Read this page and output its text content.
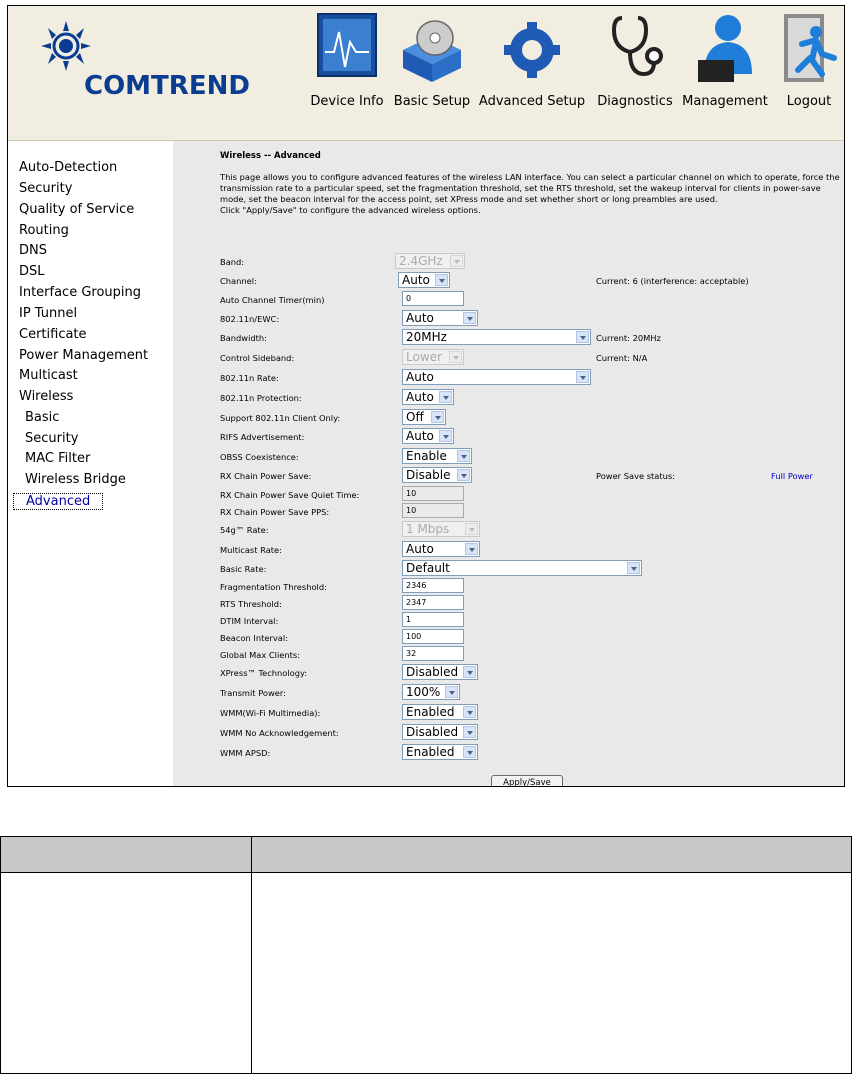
COMTREND
Device Info Basic Setup Advanced Setup Diagnostics Management	Logout
Auto-Detection
Security
Quality of Service
Routing
DNS
DSL
Interface Grouping
IP Tunnel
Certificate
Power Management
Multicast
Wireless
Basic
Security
MAC Filter
Wireless Bridge
Advanced
Wireless -- Advanced
This page allows you to configure advanced features of the wireless LAN interface. You can select a particular channel on which to operate, force the transmission rate to a particular speed, set the fragmentation threshold, set the RTS threshold, set the wakeup interval for clients in power-save mode, set the beacon interval for the access point, set XPress mode and set whether short or long preambles are used.
Click "Apply/Save" to configure the advanced wireless options.
Band:	2.4GHz
Channel:	Auto	Current: 6 (interference: acceptable)
Auto Channel Timer(min)	0
802.11n/EWC:	Auto
Bandwidth:	20MHz	Current: 20MHz
Control Sideband:	Lower	Current: N/A
802.11n Rate:	Auto
802.11n Protection:	Auto
Support 802.11n Client Only:	Off
RIFS Advertisement:	Auto
OBSS Coexistence:	Enable
RX Chain Power Save:	Disable	Power Save status:	Full Power
RX Chain Power Save Quiet Time:	10
RX Chain Power Save PPS:	10
54g™ Rate:	1 Mbps
Multicast Rate:	Auto
Basic Rate:	Default
Fragmentation Threshold:	2346
RTS Threshold:	2347
DTIM Interval:	1
Beacon Interval:	100
Global Max Clients:	32
XPress™ Technology:	Disabled
Transmit Power:	100%
WMM(Wi-Fi Multimedia):	Enabled
WMM No Acknowledgement:	Disabled
WMM APSD:	Enabled
Apply/Save
